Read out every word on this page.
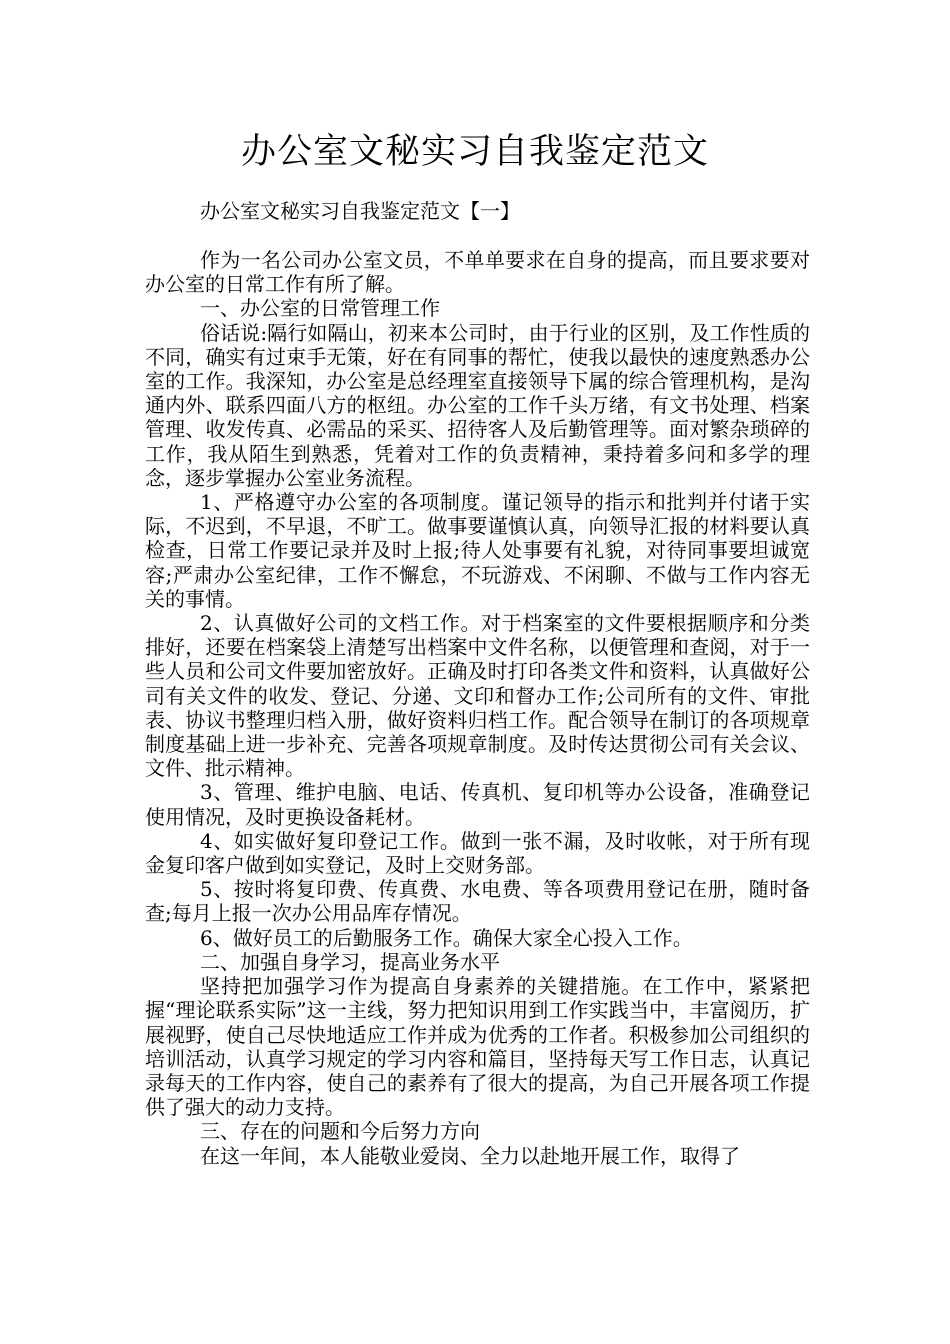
办公室文秘实习自我鉴定范文

办公室文秘实习自我鉴定范文【一】

作为一名公司办公室文员，不单单要求在自身的提高，而且要求要对办公室的日常工作有所了解。

一、办公室的日常管理工作

俗话说:隔行如隔山，初来本公司时，由于行业的区别，及工作性质的不同，确实有过束手无策，好在有同事的帮忙，使我以最快的速度熟悉办公室的工作。我深知，办公室是总经理室直接领导下属的综合管理机构，是沟通内外、联系四面八方的枢纽。办公室的工作千头万绪，有文书处理、档案管理、收发传真、必需品的采买、招待客人及后勤管理等。面对繁杂琐碎的工作，我从陌生到熟悉，凭着对工作的负责精神，秉持着多问和多学的理念，逐步掌握办公室业务流程。

1、严格遵守办公室的各项制度。谨记领导的指示和批判并付诸于实际，不迟到，不早退，不旷工。做事要谨慎认真，向领导汇报的材料要认真检查，日常工作要记录并及时上报;待人处事要有礼貌，对待同事要坦诚宽容;严肃办公室纪律，工作不懈怠，不玩游戏、不闲聊、不做与工作内容无关的事情。

2、认真做好公司的文档工作。对于档案室的文件要根据顺序和分类排好，还要在档案袋上清楚写出档案中文件名称，以便管理和查阅，对于一些人员和公司文件要加密放好。正确及时打印各类文件和资料，认真做好公司有关文件的收发、登记、分递、文印和督办工作;公司所有的文件、审批表、协议书整理归档入册，做好资料归档工作。配合领导在制订的各项规章制度基础上进一步补充、完善各项规章制度。及时传达贯彻公司有关会议、文件、批示精神。

3、管理、维护电脑、电话、传真机、复印机等办公设备，准确登记使用情况，及时更换设备耗材。

4、如实做好复印登记工作。做到一张不漏，及时收帐，对于所有现金复印客户做到如实登记，及时上交财务部。

5、按时将复印费、传真费、水电费、等各项费用登记在册，随时备查;每月上报一次办公用品库存情况。

6、做好员工的后勤服务工作。确保大家全心投入工作。

二、加强自身学习，提高业务水平

坚持把加强学习作为提高自身素养的关键措施。在工作中，紧紧把握“理论联系实际”这一主线，努力把知识用到工作实践当中，丰富阅历，扩展视野，使自己尽快地适应工作并成为优秀的工作者。积极参加公司组织的培训活动，认真学习规定的学习内容和篇目，坚持每天写工作日志，认真记录每天的工作内容，使自己的素养有了很大的提高，为自己开展各项工作提供了强大的动力支持。

三、存在的问题和今后努力方向

在这一年间，本人能敬业爱岗、全力以赴地开展工作，取得了
